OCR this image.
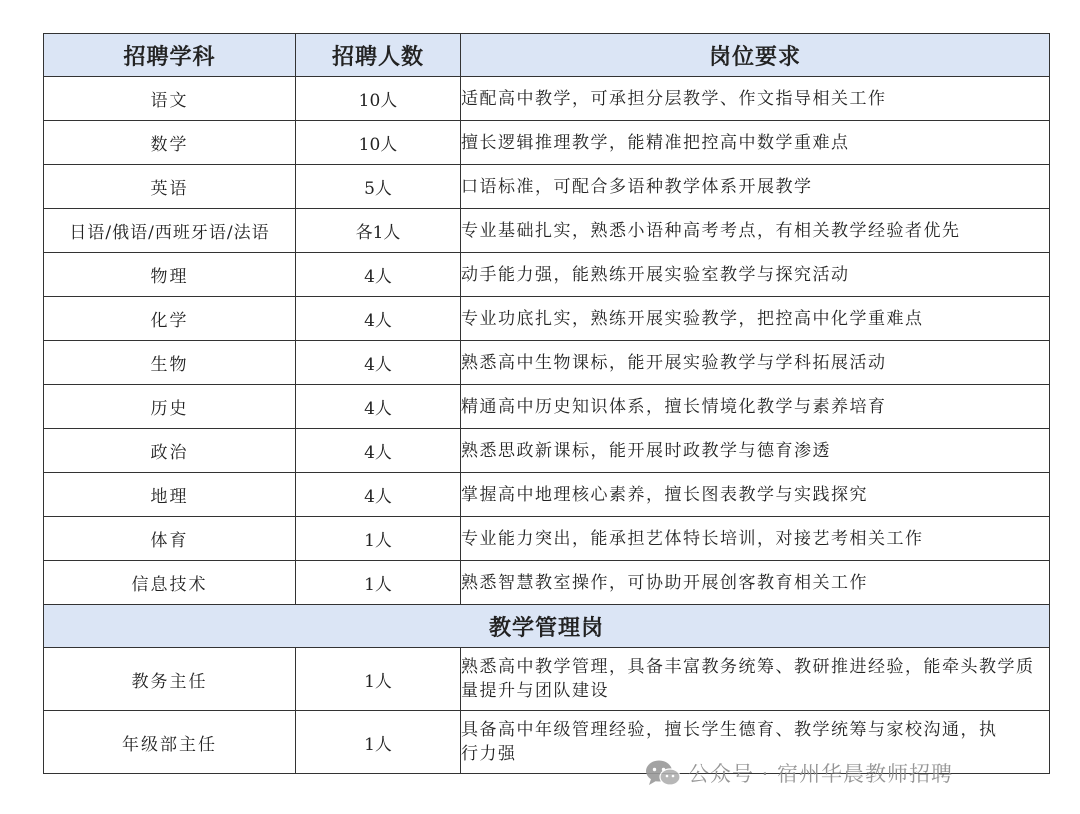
招聘学科	招聘人数	岗位要求
语文	10人	适配高中教学，可承担分层教学、作文指导相关工作
数学	10人	擅长逻辑推理教学，能精准把控高中数学重难点
英语	5人	口语标准，可配合多语种教学体系开展教学
日语/俄语/西班牙语/法语	各1人	专业基础扎实，熟悉小语种高考考点，有相关教学经验者优先
物理	4人	动手能力强，能熟练开展实验室教学与探究活动
化学	4人	专业功底扎实，熟练开展实验教学，把控高中化学重难点
生物	4人	熟悉高中生物课标，能开展实验教学与学科拓展活动
历史	4人	精通高中历史知识体系，擅长情境化教学与素养培育
政治	4人	熟悉思政新课标，能开展时政教学与德育渗透
地理	4人	掌握高中地理核心素养，擅长图表教学与实践探究
体育	1人	专业能力突出，能承担艺体特长培训，对接艺考相关工作
信息技术	1人	熟悉智慧教室操作，可协助开展创客教育相关工作
教学管理岗		
教务主任	1人	熟悉高中教学管理，具备丰富教务统筹、教研推进经验，能牵头教学质量提升与团队建设
年级部主任	1人	具备高中年级管理经验，擅长学生德育、教学统筹与家校沟通，执行力强
公众号 · 宿州华晨教师招聘
